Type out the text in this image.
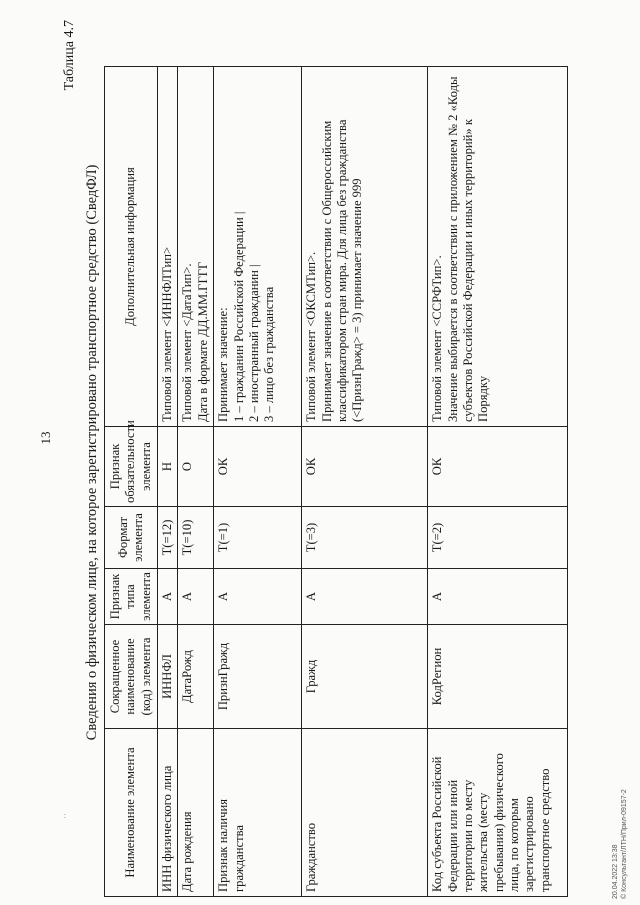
13
··
Таблица 4.7
Сведения о физическом лице, на которое зарегистрировано транспортное средство (СведФЛ)
Наименование элемента	Сокращенное наименование (код) элемента	Признак типа элемента	Формат элемента	Признак обязательности элемента	Дополнительная информация
ИНН физического лица	ИННФЛ	А	T(=12)	Н	Типовой элемент <ИННФЛТип>

Дата рождения	ДатаРожд	А	T(=10)	О	Типовой элемент <ДатаТип>. Дата в формате ДД.ММ.ГГГГ

Признак наличия гражданства	ПризнГражд	А	T(=1)	ОК	Принимает значение: 1 – гражданин Российской Федерации | 2 – иностранный гражданин | 3 – лицо без гражданства

Гражданство	Гражд	А	T(=3)	ОК	Типовой элемент <ОКСМТип>. Принимает значение в соответствии с Общероссийским классификатором стран мира. Для лица без гражданства (<ПризнГражд> = 3) принимает значение 999

Код субъекта Российской Федерации или иной территории по месту жительства (месту пребывания) физического лица, по которым зарегистрировано транспортное средство	КодРегион	А	T(=2)	ОК	Типовой элемент <ССРФТип>. Значение выбирается в соответствии с приложением № 2 «Коды субъектов Российской Федерации и иных территорий» к Порядку
20.04.2022 13:38 © Консультант/ЛТН/Прил-09157-2
